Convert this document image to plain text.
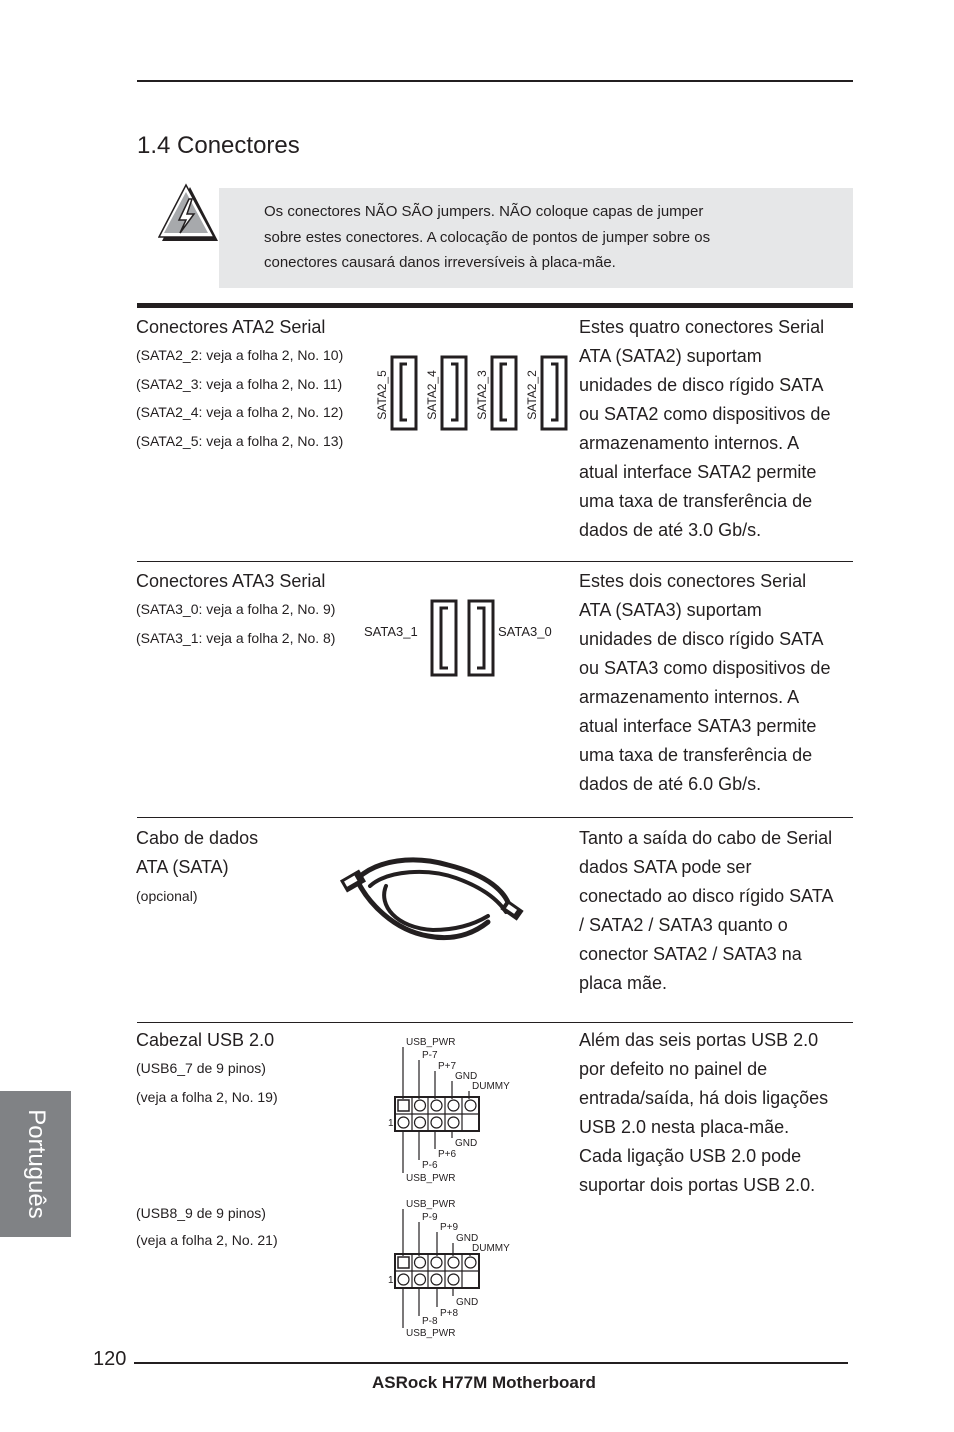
1.4 Conectores
Os conectores NÃO SÃO jumpers. NÃO coloque capas de jumper
sobre estes conectores. A colocação de pontos de jumper sobre os
conectores causará danos irreversíveis à placa-mãe.
Conectores ATA2 Serial
(SATA2_2: veja a folha 2, No. 10)
(SATA2_3: veja a folha 2, No. 11)
(SATA2_4: veja a folha 2, No. 12)
(SATA2_5: veja a folha 2, No. 13)
SATA2_5	SATA2_4	SATA2_3	SATA2_2
Estes quatro conectores Serial
ATA (SATA2) suportam
unidades de disco rígido SATA
ou SATA2 como dispositivos de
armazenamento internos. A
atual interface SATA2 permite
uma taxa de transferência de
dados de até 3.0 Gb/s.
Conectores ATA3 Serial
(SATA3_0: veja a folha 2, No. 9)
(SATA3_1: veja a folha 2, No. 8) SATA3_1	SATA3_0
Estes dois conectores Serial
ATA (SATA3) suportam
unidades de disco rígido SATA
ou SATA3 como dispositivos de
armazenamento internos. A
atual interface SATA3 permite
uma taxa de transferência de
dados de até 6.0 Gb/s.
Cabo de dados
ATA (SATA)
(opcional)
Tanto a saída do cabo de Serial
dados SATA pode ser
conectado ao disco rígido SATA
/ SATA2 / SATA3 quanto o
conector SATA2 / SATA3 na
placa mãe.
Cabezal USB 2.0
(USB6_7 de 9 pinos)
(veja a folha 2, No. 19)
(USB8_9 de 9 pinos)
(veja a folha 2, No. 21)
USB_PWR
P-7
P+7
GND
DUMMY
GND
P+6
P-6
USB_PWR
1
USB_PWR
P-9
P+9
GND
DUMMY
GND
P+8
P-8
USB_PWR
1
Além das seis portas USB 2.0
por defeito no painel de
entrada/saída, há dois ligações
USB 2.0 nesta placa-mãe.
Cada ligação USB 2.0 pode
suportar dois portas USB 2.0.
Português
120
ASRock H77M Motherboard
